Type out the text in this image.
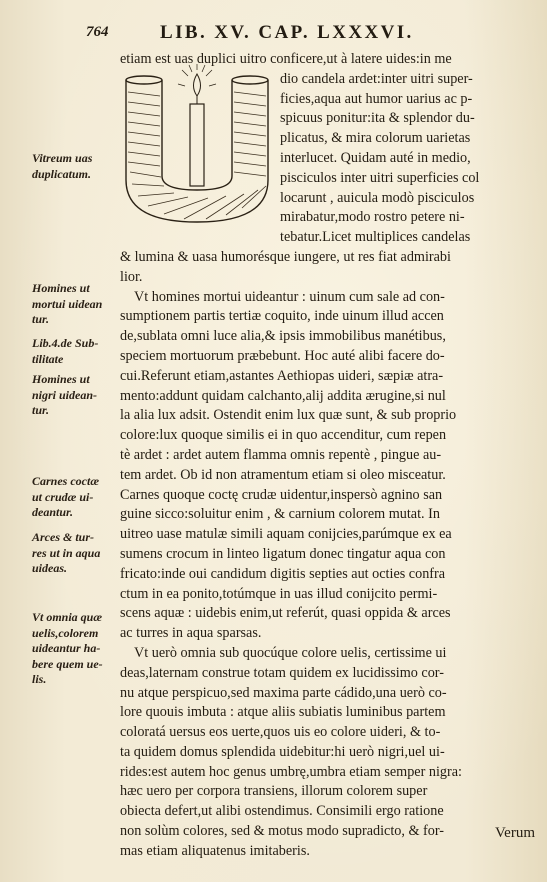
764	LIB. XV. CAP. LXXXVI.
Vitreum uas
duplicatum.
Homines ut
mortui uidean
tur.
Lib.4.de Sub-
tilitate
Homines ut
nigri uidean-
tur.
Carnes coctæ
ut crudæ ui-
deantur.
Arces & tur-
res ut in aqua
uideas.
Vt omnia quæ
uelis,colorem
uideantur ha-
bere quem ue-
lis.
etiam est uas duplici uitro conficere,ut à latere uides:in me
dio candela ardet:inter uitri super-
ficies,aqua aut humor uarius ac p-
spicuus ponitur:ita & splendor du-
plicatus, & mira colorum uarietas
interlucet. Quidam auté in medio,
pisciculos inter uitri superficies col
locarunt , auicula modò pisciculos
mirabatur,modo rostro petere ni-
tebatur.Licet multiplices candelas
& lumina & uasa humorésque iungere, ut res fiat admirabi
lior.
Vt homines mortui uideantur : uinum cum sale ad con-
sumptionem partis tertiæ coquito, inde uinum illud accen
de,sublata omni luce alia,& ipsis immobilibus manétibus,
speciem mortuorum præbebunt. Hoc auté alibi facere do-
cui.Referunt etiam,astantes Aethiopas uideri, sæpiæ atra-
mento:addunt quidam calchanto,alij addita ærugine,si nul
la alia lux adsit. Ostendit enim lux quæ sunt, & sub proprio
colore:lux quoque similis ei in quo accenditur, cum repen
tè ardet : ardet autem flamma omnis repentè , pingue au-
tem ardet. Ob id non atramentum etiam si oleo misceatur.
Carnes quoque coctę crudæ uidentur,inspersò agnino san
guine sicco:soluitur enim , & carnium colorem mutat. In
uitreo uase matulæ simili aquam conijcies,parúmque ex ea
sumens crocum in linteo ligatum donec tingatur aqua con
fricato:inde oui candidum digitis septies aut octies confra
ctum in ea ponito,totúmque in uas illud conijcito permi-
scens aquæ : uidebis enim,ut referút, quasi oppida & arces
ac turres in aqua sparsas.
Vt uerò omnia sub quocúque colore uelis, certissime ui
deas,laternam construe totam quidem ex lucidissimo cor-
nu atque perspicuo,sed maxima parte cádido,una uerò co-
lore quouis imbuta : atque aliis subiatis luminibus partem
coloratá uersus eos uerte,quos uis eo colore uideri, & to-
ta quidem domus splendida uidebitur:hi uerò nigri,uel ui-
rides:est autem hoc genus umbrę,umbra etiam semper nigra:
hæc uero per corpora transiens, illorum colorem super
obiecta defert,ut alibi ostendimus. Consimili ergo ratione
non solùm colores, sed & motus modo supradicto, & for-
mas etiam aliquatenus imitaberis.
Verum
